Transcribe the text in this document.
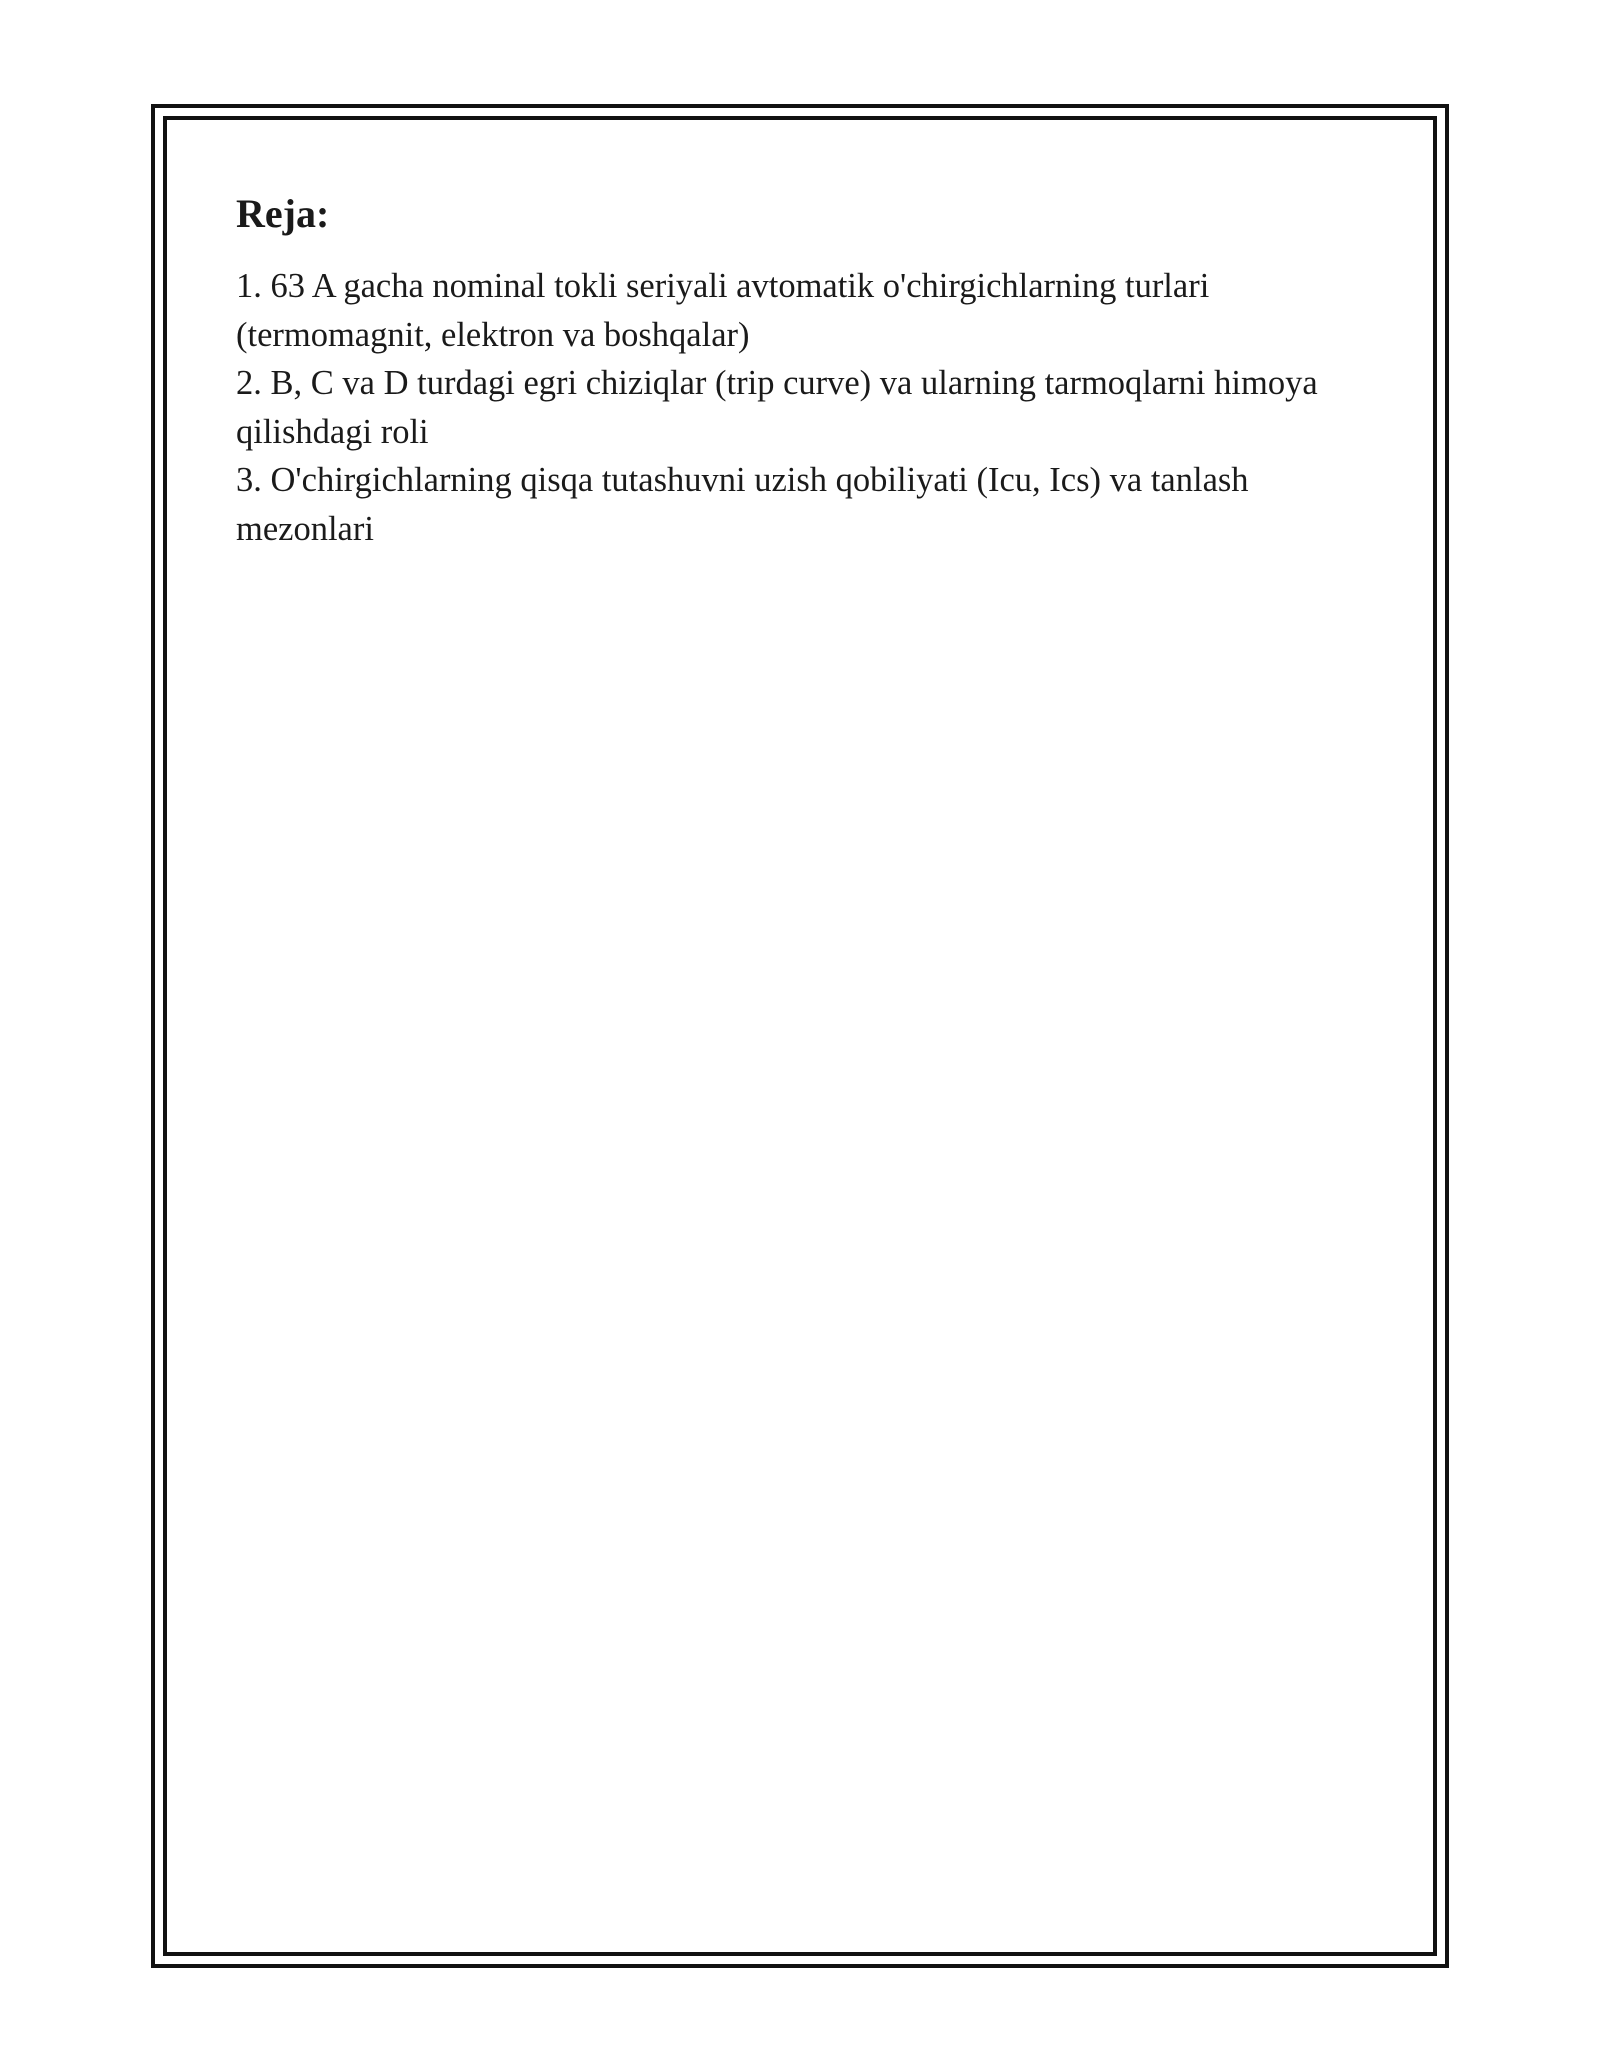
Reja:
1. 63 A gacha nominal tokli seriyali avtomatik o'chirgichlarning turlari (termomagnit, elektron va boshqalar)
2. B, C va D turdagi egri chiziqlar (trip curve) va ularning tarmoqlarni himoya qilishdagi roli
3. O'chirgichlarning qisqa tutashuvni uzish qobiliyati (Icu, Ics) va tanlash mezonlari
